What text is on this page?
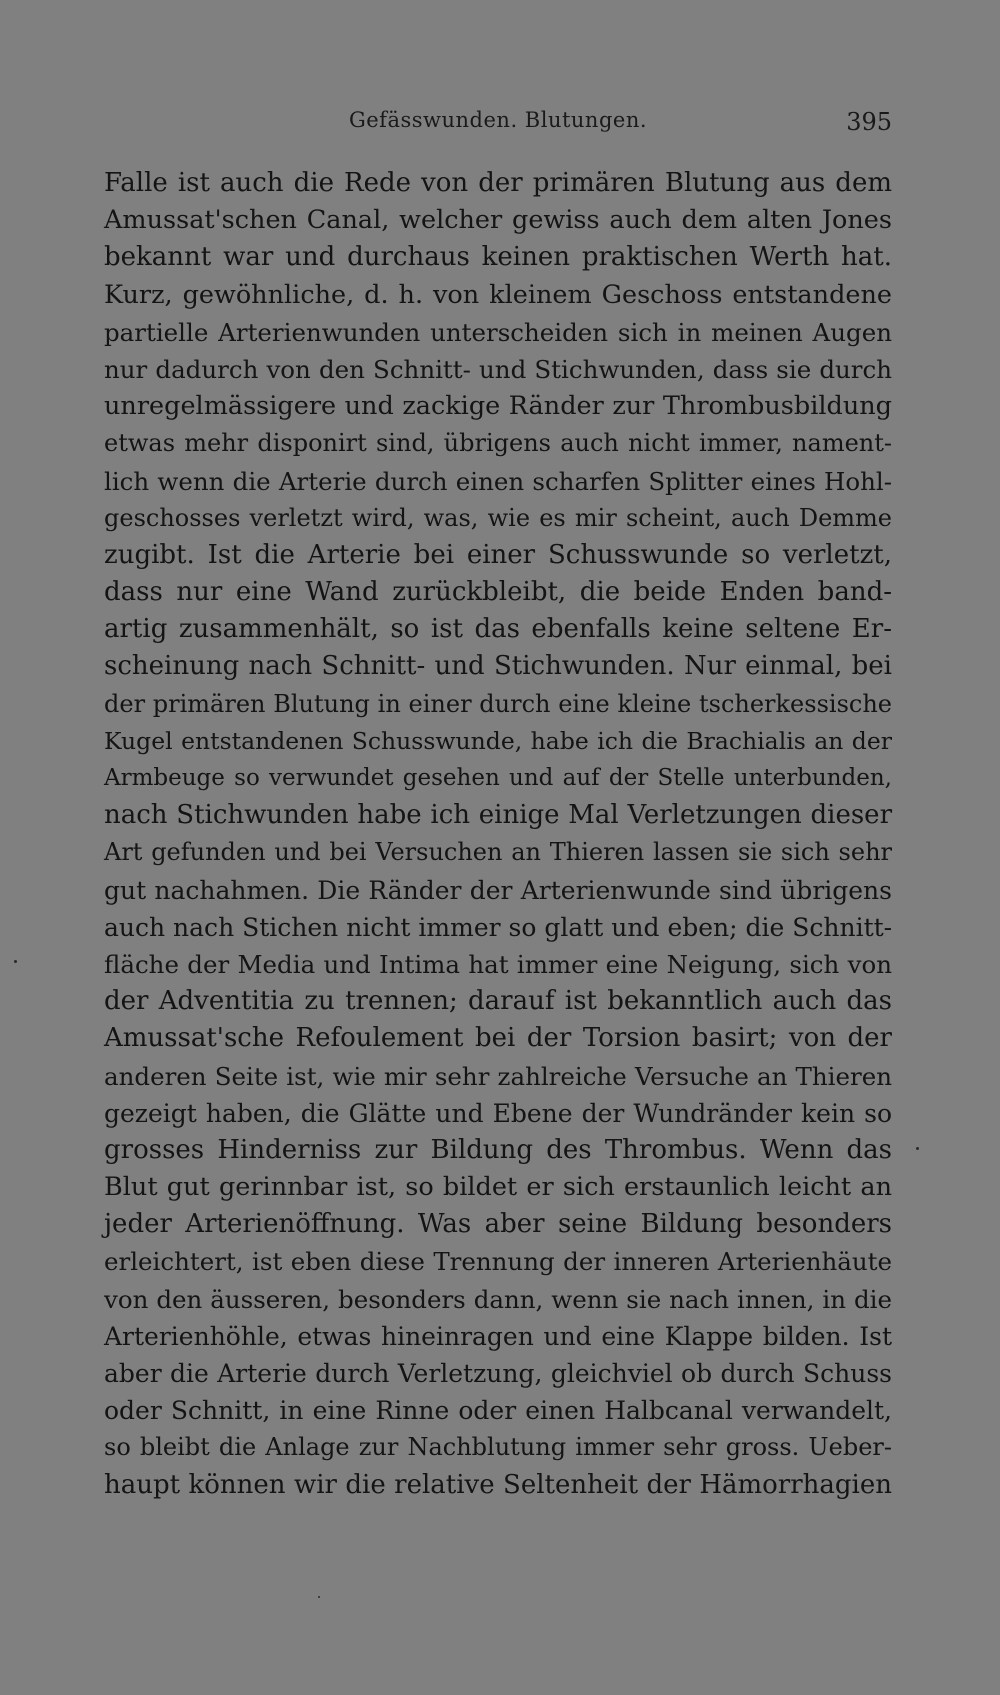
Gefässwunden. Blutungen.	395
Falle ist auch die Rede von der primären Blutung aus dem
Amussat'schen Canal, welcher gewiss auch dem alten Jones
bekannt war und durchaus keinen praktischen Werth hat.
Kurz, gewöhnliche, d. h. von kleinem Geschoss entstandene
partielle Arterienwunden unterscheiden sich in meinen Augen
nur dadurch von den Schnitt- und Stichwunden, dass sie durch
unregelmässigere und zackige Ränder zur Thrombusbildung
etwas mehr disponirt sind, übrigens auch nicht immer, nament-
lich wenn die Arterie durch einen scharfen Splitter eines Hohl-
geschosses verletzt wird, was, wie es mir scheint, auch Demme
zugibt. Ist die Arterie bei einer Schusswunde so verletzt,
dass nur eine Wand zurückbleibt, die beide Enden band-
artig zusammenhält, so ist das ebenfalls keine seltene Er-
scheinung nach Schnitt- und Stichwunden. Nur einmal, bei
der primären Blutung in einer durch eine kleine tscherkessische
Kugel entstandenen Schusswunde, habe ich die Brachialis an der
Armbeuge so verwundet gesehen und auf der Stelle unterbunden,
nach Stichwunden habe ich einige Mal Verletzungen dieser
Art gefunden und bei Versuchen an Thieren lassen sie sich sehr
gut nachahmen. Die Ränder der Arterienwunde sind übrigens
auch nach Stichen nicht immer so glatt und eben; die Schnitt-
fläche der Media und Intima hat immer eine Neigung, sich von
der Adventitia zu trennen; darauf ist bekanntlich auch das
Amussat'sche Refoulement bei der Torsion basirt; von der
anderen Seite ist, wie mir sehr zahlreiche Versuche an Thieren
gezeigt haben, die Glätte und Ebene der Wundränder kein so
grosses Hinderniss zur Bildung des Thrombus. Wenn das
Blut gut gerinnbar ist, so bildet er sich erstaunlich leicht an
jeder Arterienöffnung. Was aber seine Bildung besonders
erleichtert, ist eben diese Trennung der inneren Arterienhäute
von den äusseren, besonders dann, wenn sie nach innen, in die
Arterienhöhle, etwas hineinragen und eine Klappe bilden. Ist
aber die Arterie durch Verletzung, gleichviel ob durch Schuss
oder Schnitt, in eine Rinne oder einen Halbcanal verwandelt,
so bleibt die Anlage zur Nachblutung immer sehr gross. Ueber-
haupt können wir die relative Seltenheit der Hämorrhagien
